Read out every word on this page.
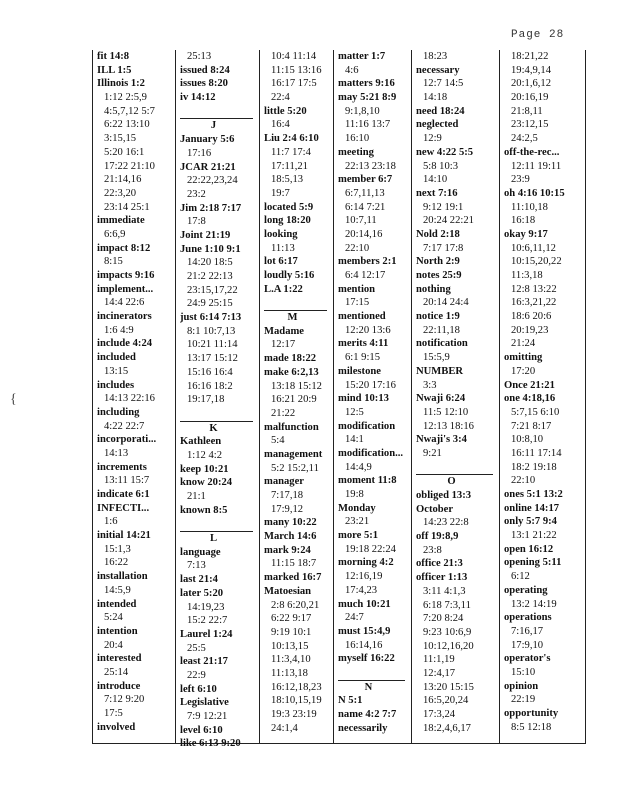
Page 28
{
fit 14:8
ILL 1:5
Illinois 1:2
1:12 2:5,9
4:5,7,12 5:7
6:22 13:10
3:15,15
5:20 16:1
17:22 21:10
21:14,16
22:3,20
23:14 25:1
immediate
6:6,9
impact 8:12
8:15
impacts 9:16
implement...
14:4 22:6
incinerators
1:6 4:9
include 4:24
included
13:15
includes
14:13 22:16
including
4:22 22:7
incorporati...
14:13
increments
13:11 15:7
indicate 6:1
INFECTI...
1:6
initial 14:21
15:1,3
16:22
installation
14:5,9
intended
5:24
intention
20:4
interested
25:14
introduce
7:12 9:20
17:5
involved
25:13
issued 8:24
issues 8:20
iv 14:12
J
January 5:6
17:16
JCAR 21:21
22:22,23,24
23:2
Jim 2:18 7:17
17:8
Joint 21:19
June 1:10 9:1
14:20 18:5
21:2 22:13
23:15,17,22
24:9 25:15
just 6:14 7:13
8:1 10:7,13
10:21 11:14
13:17 15:12
15:16 16:4
16:16 18:2
19:17,18
K
Kathleen
1:12 4:2
keep 10:21
know 20:24
21:1
known 8:5
L
language
7:13
last 21:4
later 5:20
14:19,23
15:2 22:7
Laurel 1:24
25:5
least 21:17
22:9
left 6:10
Legislative
7:9 12:21
level 6:10
like 6:13 9:20
10:4 11:14
11:15 13:16
16:17 17:5
22:4
little 5:20
16:4
Liu 2:4 6:10
11:7 17:4
17:11,21
18:5,13
19:7
located 5:9
long 18:20
looking
11:13
lot 6:17
loudly 5:16
L.A 1:22
M
Madame
12:17
made 18:22
make 6:2,13
13:18 15:12
16:21 20:9
21:22
malfunction
5:4
management
5:2 15:2,11
manager
7:17,18
17:9,12
many 10:22
March 14:6
mark 9:24
11:15 18:7
marked 16:7
Matoesian
2:8 6:20,21
6:22 9:17
9:19 10:1
10:13,15
11:3,4,10
11:13,18
16:12,18,23
18:10,15,19
19:3 23:19
24:1,4
matter 1:7
4:6
matters 9:16
may 5:21 8:9
9:1,8,10
11:16 13:7
16:10
meeting
22:13 23:18
member 6:7
6:7,11,13
6:14 7:21
10:7,11
20:14,16
22:10
members 2:1
6:4 12:17
mention
17:15
mentioned
12:20 13:6
merits 4:11
6:1 9:15
milestone
15:20 17:16
mind 10:13
12:5
modification
14:1
modification...
14:4,9
moment 11:8
19:8
Monday
23:21
more 5:1
19:18 22:24
morning 4:2
12:16,19
17:4,23
much 10:21
24:7
must 15:4,9
16:14,16
myself 16:22
N
N 5:1
name 4:2 7:7
necessarily
18:23
necessary
12:7 14:5
14:18
need 18:24
neglected
12:9
new 4:22 5:5
5:8 10:3
14:10
next 7:16
9:12 19:1
20:24 22:21
Nold 2:18
7:17 17:8
North 2:9
notes 25:9
nothing
20:14 24:4
notice 1:9
22:11,18
notification
15:5,9
NUMBER
3:3
Nwaji 6:24
11:5 12:10
12:13 18:16
Nwaji's 3:4
9:21
O
obliged 13:3
October
14:23 22:8
off 19:8,9
23:8
office 21:3
officer 1:13
3:11 4:1,3
6:18 7:3,11
7:20 8:24
9:23 10:6,9
10:12,16,20
11:1,19
12:4,17
13:20 15:15
16:5,20,24
17:3,24
18:2,4,6,17
18:21,22
19:4,9,14
20:1,6,12
20:16,19
21:8,11
23:12,15
24:2,5
off-the-rec...
12:11 19:11
23:9
oh 4:16 10:15
11:10,18
16:18
okay 9:17
10:6,11,12
10:15,20,22
11:3,18
12:8 13:22
16:3,21,22
18:6 20:6
20:19,23
21:24
omitting
17:20
Once 21:21
one 4:18,16
5:7,15 6:10
7:21 8:17
10:8,10
16:11 17:14
18:2 19:18
22:10
ones 5:1 13:2
online 14:17
only 5:7 9:4
13:1 21:22
open 16:12
opening 5:11
6:12
operating
13:2 14:19
operations
7:16,17
17:9,10
operator's
15:10
opinion
22:19
opportunity
8:5 12:18
